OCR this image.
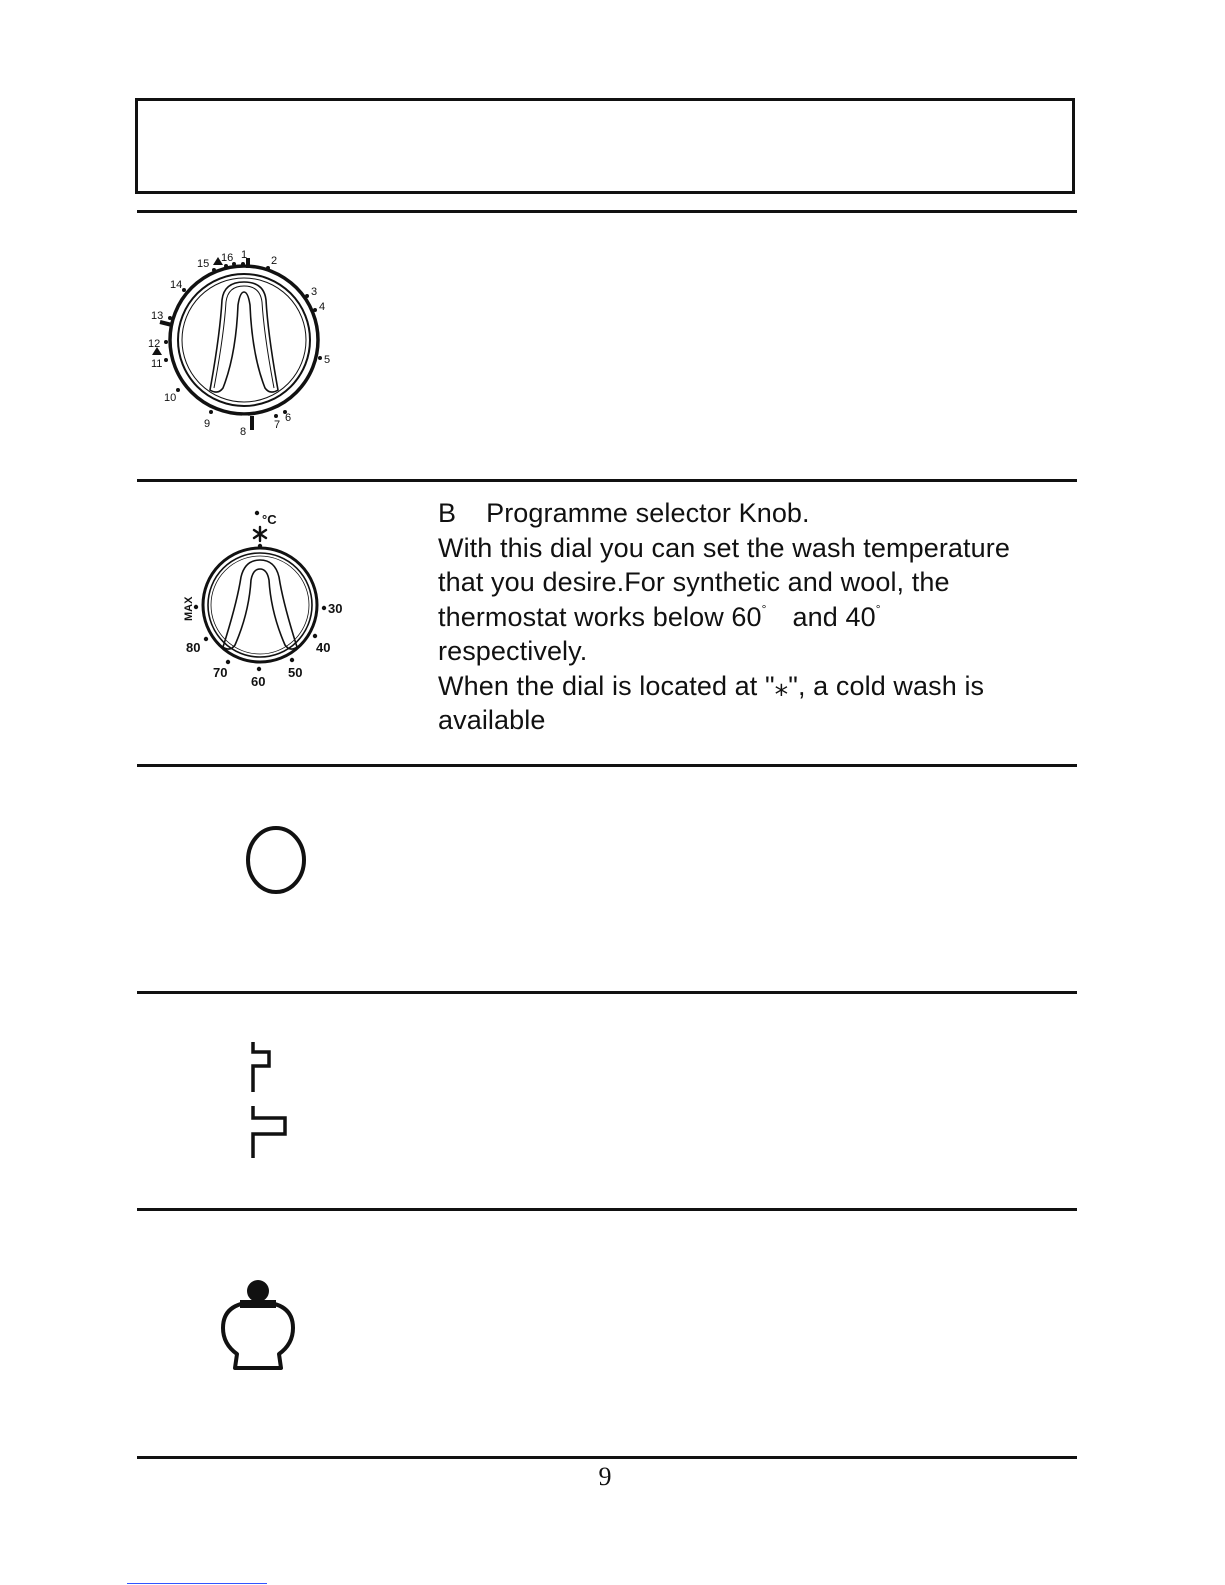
1 2
3
4
5
6
7
8
9
10
11
12
13
14
15 16
°C
30
40
50
60
70
80
MAX
B Programme selector Knob.
With this dial you can set the wash temperature
that you desire.For synthetic and wool, the
thermostat works below 60° and 40°
respectively.
When the dial is located at "⁎", a cold wash is
available
9
